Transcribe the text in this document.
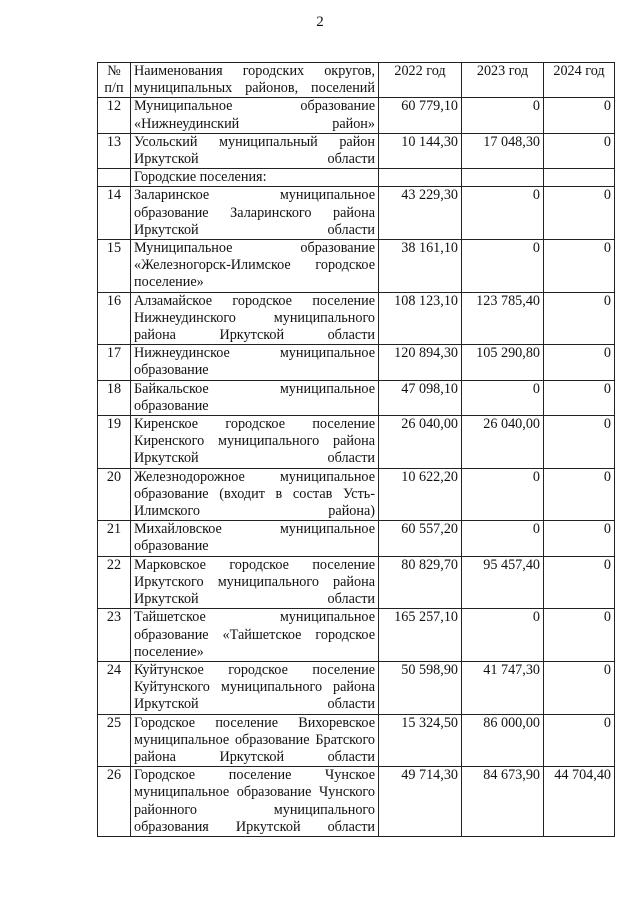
2
№ п/п	Наименования городских округов, муниципальных районов, поселений	2022 год	2023 год	2024 год
12	Муниципальное образование «Нижнеудинский район»	60 779,10	0	0
13	Усольский муниципальный район Иркутской области	10 144,30	17 048,30	0
	Городские поселения:			
14	Заларинское муниципальное образование Заларинского района Иркутской области	43 229,30	0	0
15	Муниципальное образование «Железногорск-Илимское городское поселение»	38 161,10	0	0
16	Алзамайское городское поселение Нижнеудинского муниципального района Иркутской области	108 123,10	123 785,40	0
17	Нижнеудинское муниципальное образование	120 894,30	105 290,80	0
18	Байкальское муниципальное образование	47 098,10	0	0
19	Киренское городское поселение Киренского муниципального района Иркутской области	26 040,00	26 040,00	0
20	Железнодорожное муниципальное образование (входит в состав Усть-Илимского района)	10 622,20	0	0
21	Михайловское муниципальное образование	60 557,20	0	0
22	Марковское городское поселение Иркутского муниципального района Иркутской области	80 829,70	95 457,40	0
23	Тайшетское муниципальное образование «Тайшетское городское поселение»	165 257,10	0	0
24	Куйтунское городское поселение Куйтунского муниципального района Иркутской области	50 598,90	41 747,30	0
25	Городское поселение Вихоревское муниципальное образование Братского района Иркутской области	15 324,50	86 000,00	0
26	Городское поселение Чунское муниципальное образование Чунского районного муниципального образования Иркутской области	49 714,30	84 673,90	44 704,40
